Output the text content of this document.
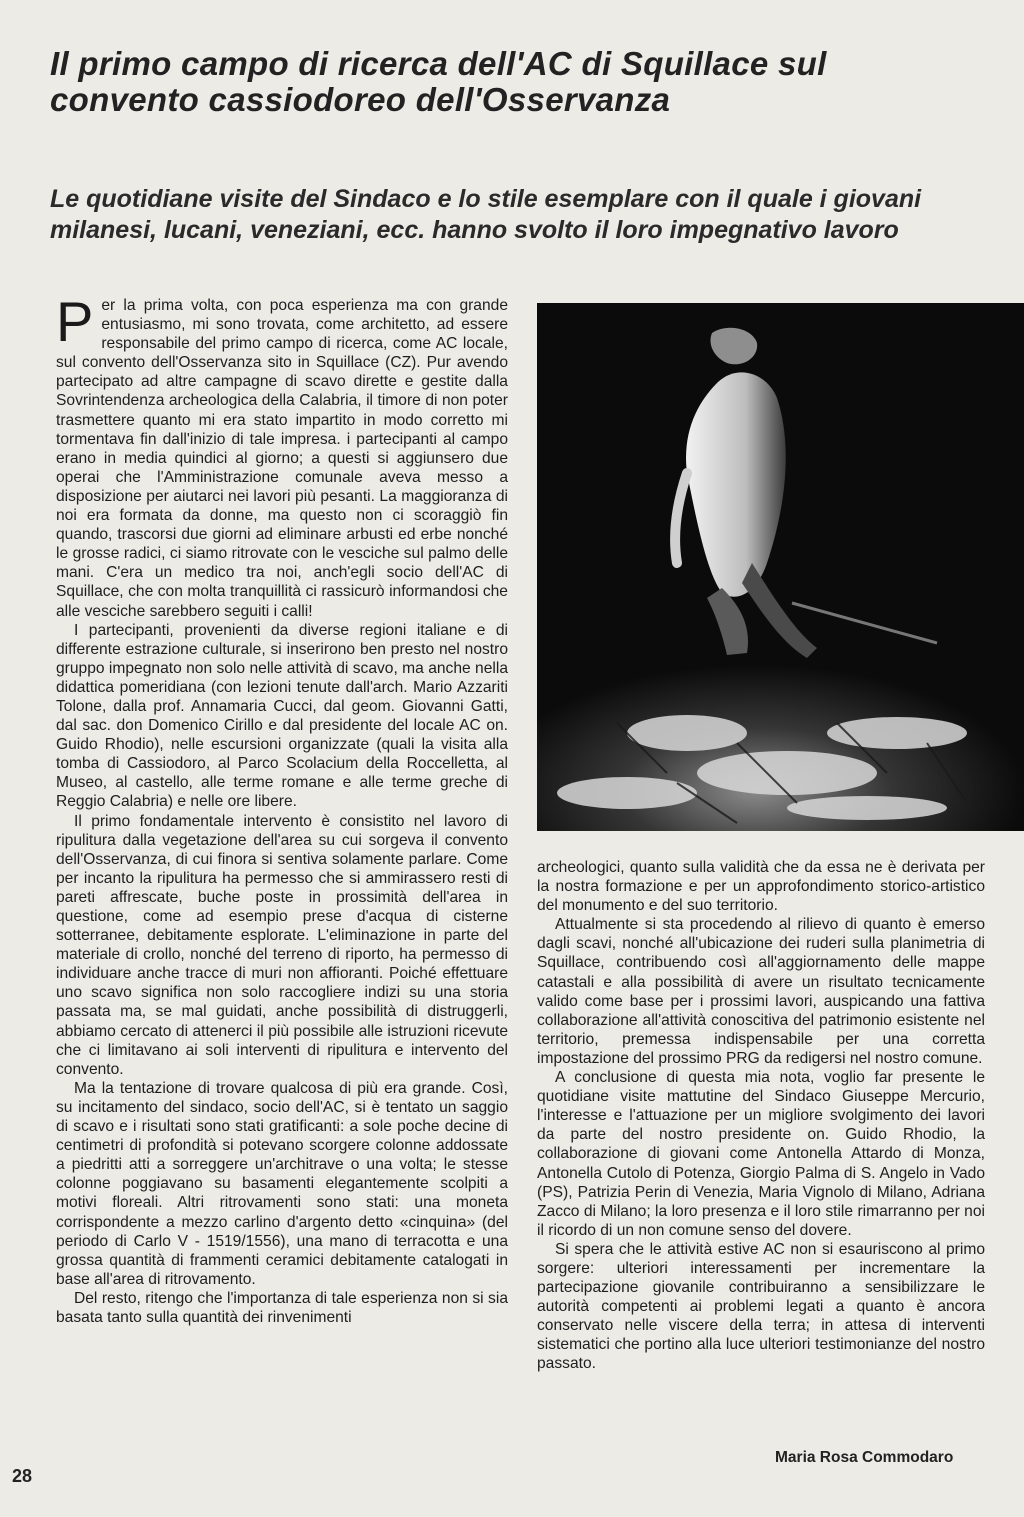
Il primo campo di ricerca dell'AC di Squillace sul convento cassiodoreo dell'Osservanza
Le quotidiane visite del Sindaco e lo stile esemplare con il quale i giovani milanesi, lucani, veneziani, ecc. hanno svolto il loro impegnativo lavoro

Per la prima volta, con poca esperienza ma con grande entusiasmo, mi sono trovata, come architetto, ad essere responsabile del primo campo di ricerca, come AC locale, sul convento dell'Osservanza sito in Squillace (CZ). Pur avendo partecipato ad altre campagne di scavo dirette e gestite dalla Sovrintendenza archeologica della Calabria, il timore di non poter trasmettere quanto mi era stato impartito in modo corretto mi tormentava fin dall'inizio di tale impresa. i partecipanti al campo erano in media quindici al giorno; a questi si aggiunsero due operai che l'Amministrazione comunale aveva messo a disposizione per aiutarci nei lavori più pesanti. La maggioranza di noi era formata da donne, ma questo non ci scoraggiò fin quando, trascorsi due giorni ad eliminare arbusti ed erbe nonché le grosse radici, ci siamo ritrovate con le vesciche sul palmo delle mani. C'era un medico tra noi, anch'egli socio dell'AC di Squillace, che con molta tranquillità ci rassicurò informandosi che alle vesciche sarebbero seguiti i calli!

I partecipanti, provenienti da diverse regioni italiane e di differente estrazione culturale, si inserirono ben presto nel nostro gruppo impegnato non solo nelle attività di scavo, ma anche nella didattica pomeridiana (con lezioni tenute dall'arch. Mario Azzariti Tolone, dalla prof. Annamaria Cucci, dal geom. Giovanni Gatti, dal sac. don Domenico Cirillo e dal presidente del locale AC on. Guido Rhodio), nelle escursioni organizzate (quali la visita alla tomba di Cassiodoro, al Parco Scolacium della Roccelletta, al Museo, al castello, alle terme romane e alle terme greche di Reggio Calabria) e nelle ore libere.

Il primo fondamentale intervento è consistito nel lavoro di ripulitura dalla vegetazione dell'area su cui sorgeva il convento dell'Osservanza, di cui finora si sentiva solamente parlare. Come per incanto la ripulitura ha permesso che si ammirassero resti di pareti affrescate, buche poste in prossimità dell'area in questione, come ad esempio prese d'acqua di cisterne sotterranee, debitamente esplorate. L'eliminazione in parte del materiale di crollo, nonché del terreno di riporto, ha permesso di individuare anche tracce di muri non affioranti. Poiché effettuare uno scavo significa non solo raccogliere indizi su una storia passata ma, se mal guidati, anche possibilità di distruggerli, abbiamo cercato di attenerci il più possibile alle istruzioni ricevute che ci limitavano ai soli interventi di ripulitura e intervento del convento.

Ma la tentazione di trovare qualcosa di più era grande. Così, su incitamento del sindaco, socio dell'AC, si è tentato un saggio di scavo e i risultati sono stati gratificanti: a sole poche decine di centimetri di profondità si potevano scorgere colonne addossate a piedritti atti a sorreggere un'architrave o una volta; le stesse colonne poggiavano su basamenti elegantemente scolpiti a motivi floreali. Altri ritrovamenti sono stati: una moneta corrispondente a mezzo carlino d'argento detto «cinquina» (del periodo di Carlo V - 1519/1556), una mano di terracotta e una grossa quantità di frammenti ceramici debitamente catalogati in base all'area di ritrovamento.

Del resto, ritengo che l'importanza di tale esperienza non si sia basata tanto sulla quantità dei rinvenimenti

archeologici, quanto sulla validità che da essa ne è derivata per la nostra formazione e per un approfondimento storico-artistico del monumento e del suo territorio.

Attualmente si sta procedendo al rilievo di quanto è emerso dagli scavi, nonché all'ubicazione dei ruderi sulla planimetria di Squillace, contribuendo così all'aggiornamento delle mappe catastali e alla possibilità di avere un risultato tecnicamente valido come base per i prossimi lavori, auspicando una fattiva collaborazione all'attività conoscitiva del patrimonio esistente nel territorio, premessa indispensabile per una corretta impostazione del prossimo PRG da redigersi nel nostro comune.

A conclusione di questa mia nota, voglio far presente le quotidiane visite mattutine del Sindaco Giuseppe Mercurio, l'interesse e l'attuazione per un migliore svolgimento dei lavori da parte del nostro presidente on. Guido Rhodio, la collaborazione di giovani come Antonella Attardo di Monza, Antonella Cutolo di Potenza, Giorgio Palma di S. Angelo in Vado (PS), Patrizia Perin di Venezia, Maria Vignolo di Milano, Adriana Zacco di Milano; la loro presenza e il loro stile rimarranno per noi il ricordo di un non comune senso del dovere.

Si spera che le attività estive AC non si esauriscono al primo sorgere: ulteriori interessamenti per incrementare la partecipazione giovanile contribuiranno a sensibilizzare le autorità competenti ai problemi legati a quanto è ancora conservato nelle viscere della terra; in attesa di interventi sistematici che portino alla luce ulteriori testimonianze del nostro passato.

Maria Rosa Commodaro
28
